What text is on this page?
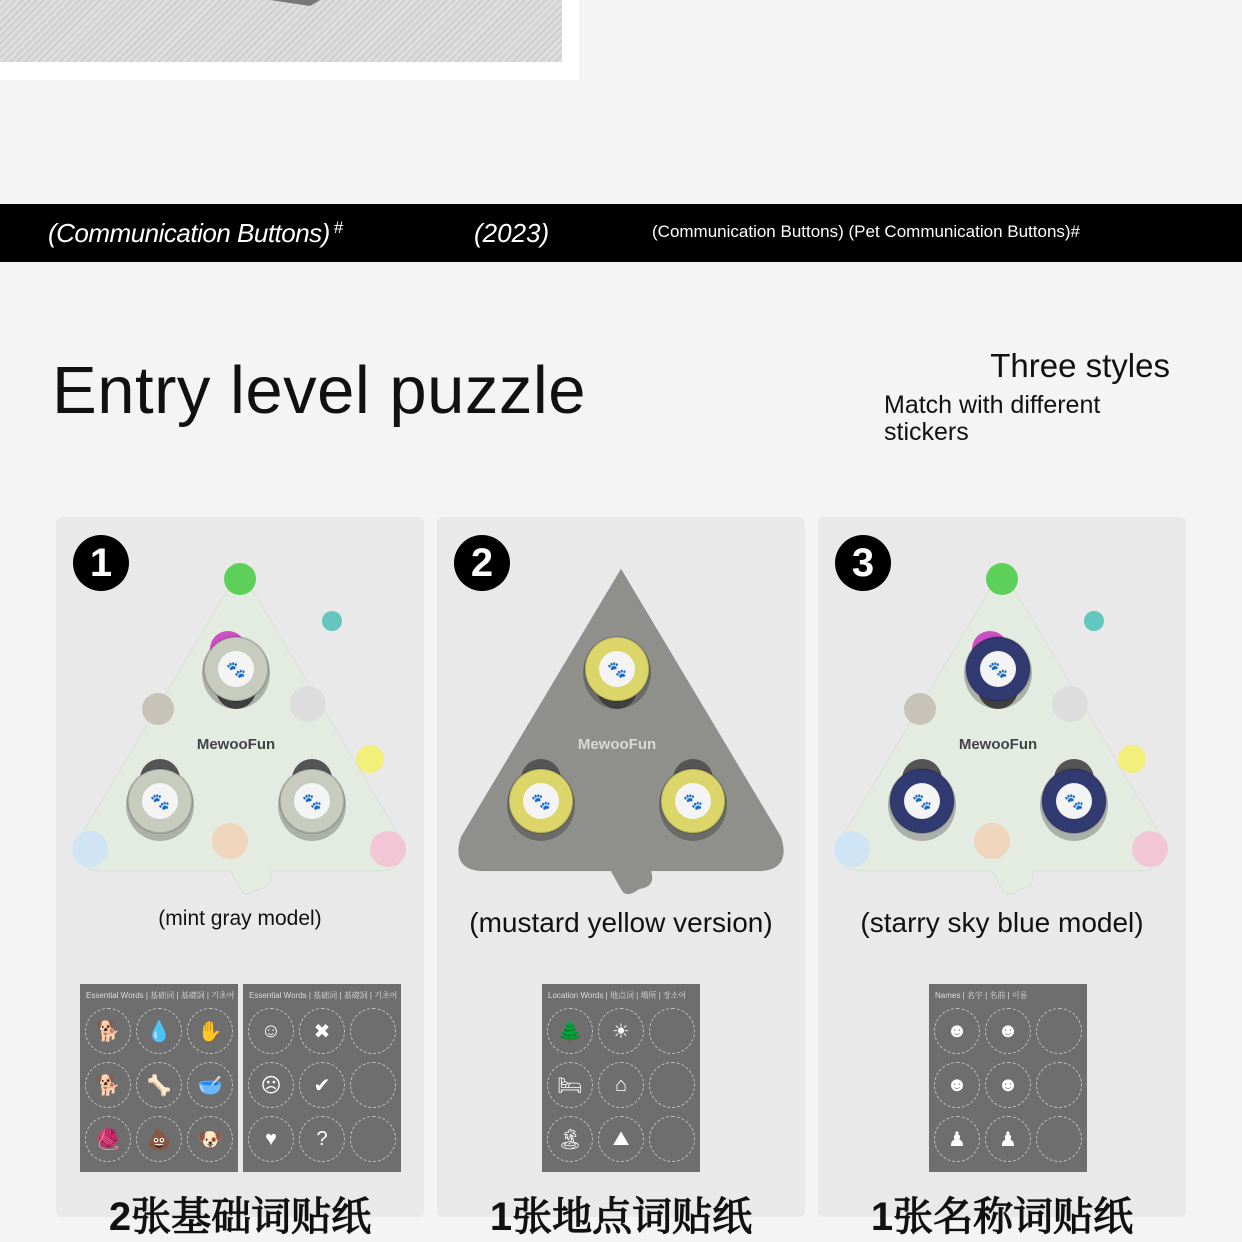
(Communication Buttons) #	(2023)	(Communication Buttons) (Pet Communication Buttons)#
Entry level puzzle	Three styles
Match with different stickers
1
MewooFun
🐾
🐾	🐾
(mint gray model)
2张基础词贴纸
Essential Words | 基础词 | 基礎詞 | 기초어
🐕	💧	✋
🐕	🦴	🥣
🧶	💩	🐶
Essential Words | 基础词 | 基礎詞 | 기초어
☺	✖
☹	✔
♥	?
2
MewooFun
🐾
🐾	🐾
(mustard yellow version)
1张地点词贴纸
Location Words | 地点词 | 場所 | 장소어
🌲	☀
🛏	⌂
🏝	⛰
3
MewooFun
🐾
🐾	🐾
(starry sky blue model)
1张名称词贴纸
Names | 名字 | 名前 | 이름
☻	☻
☻	☻
♟	♟
